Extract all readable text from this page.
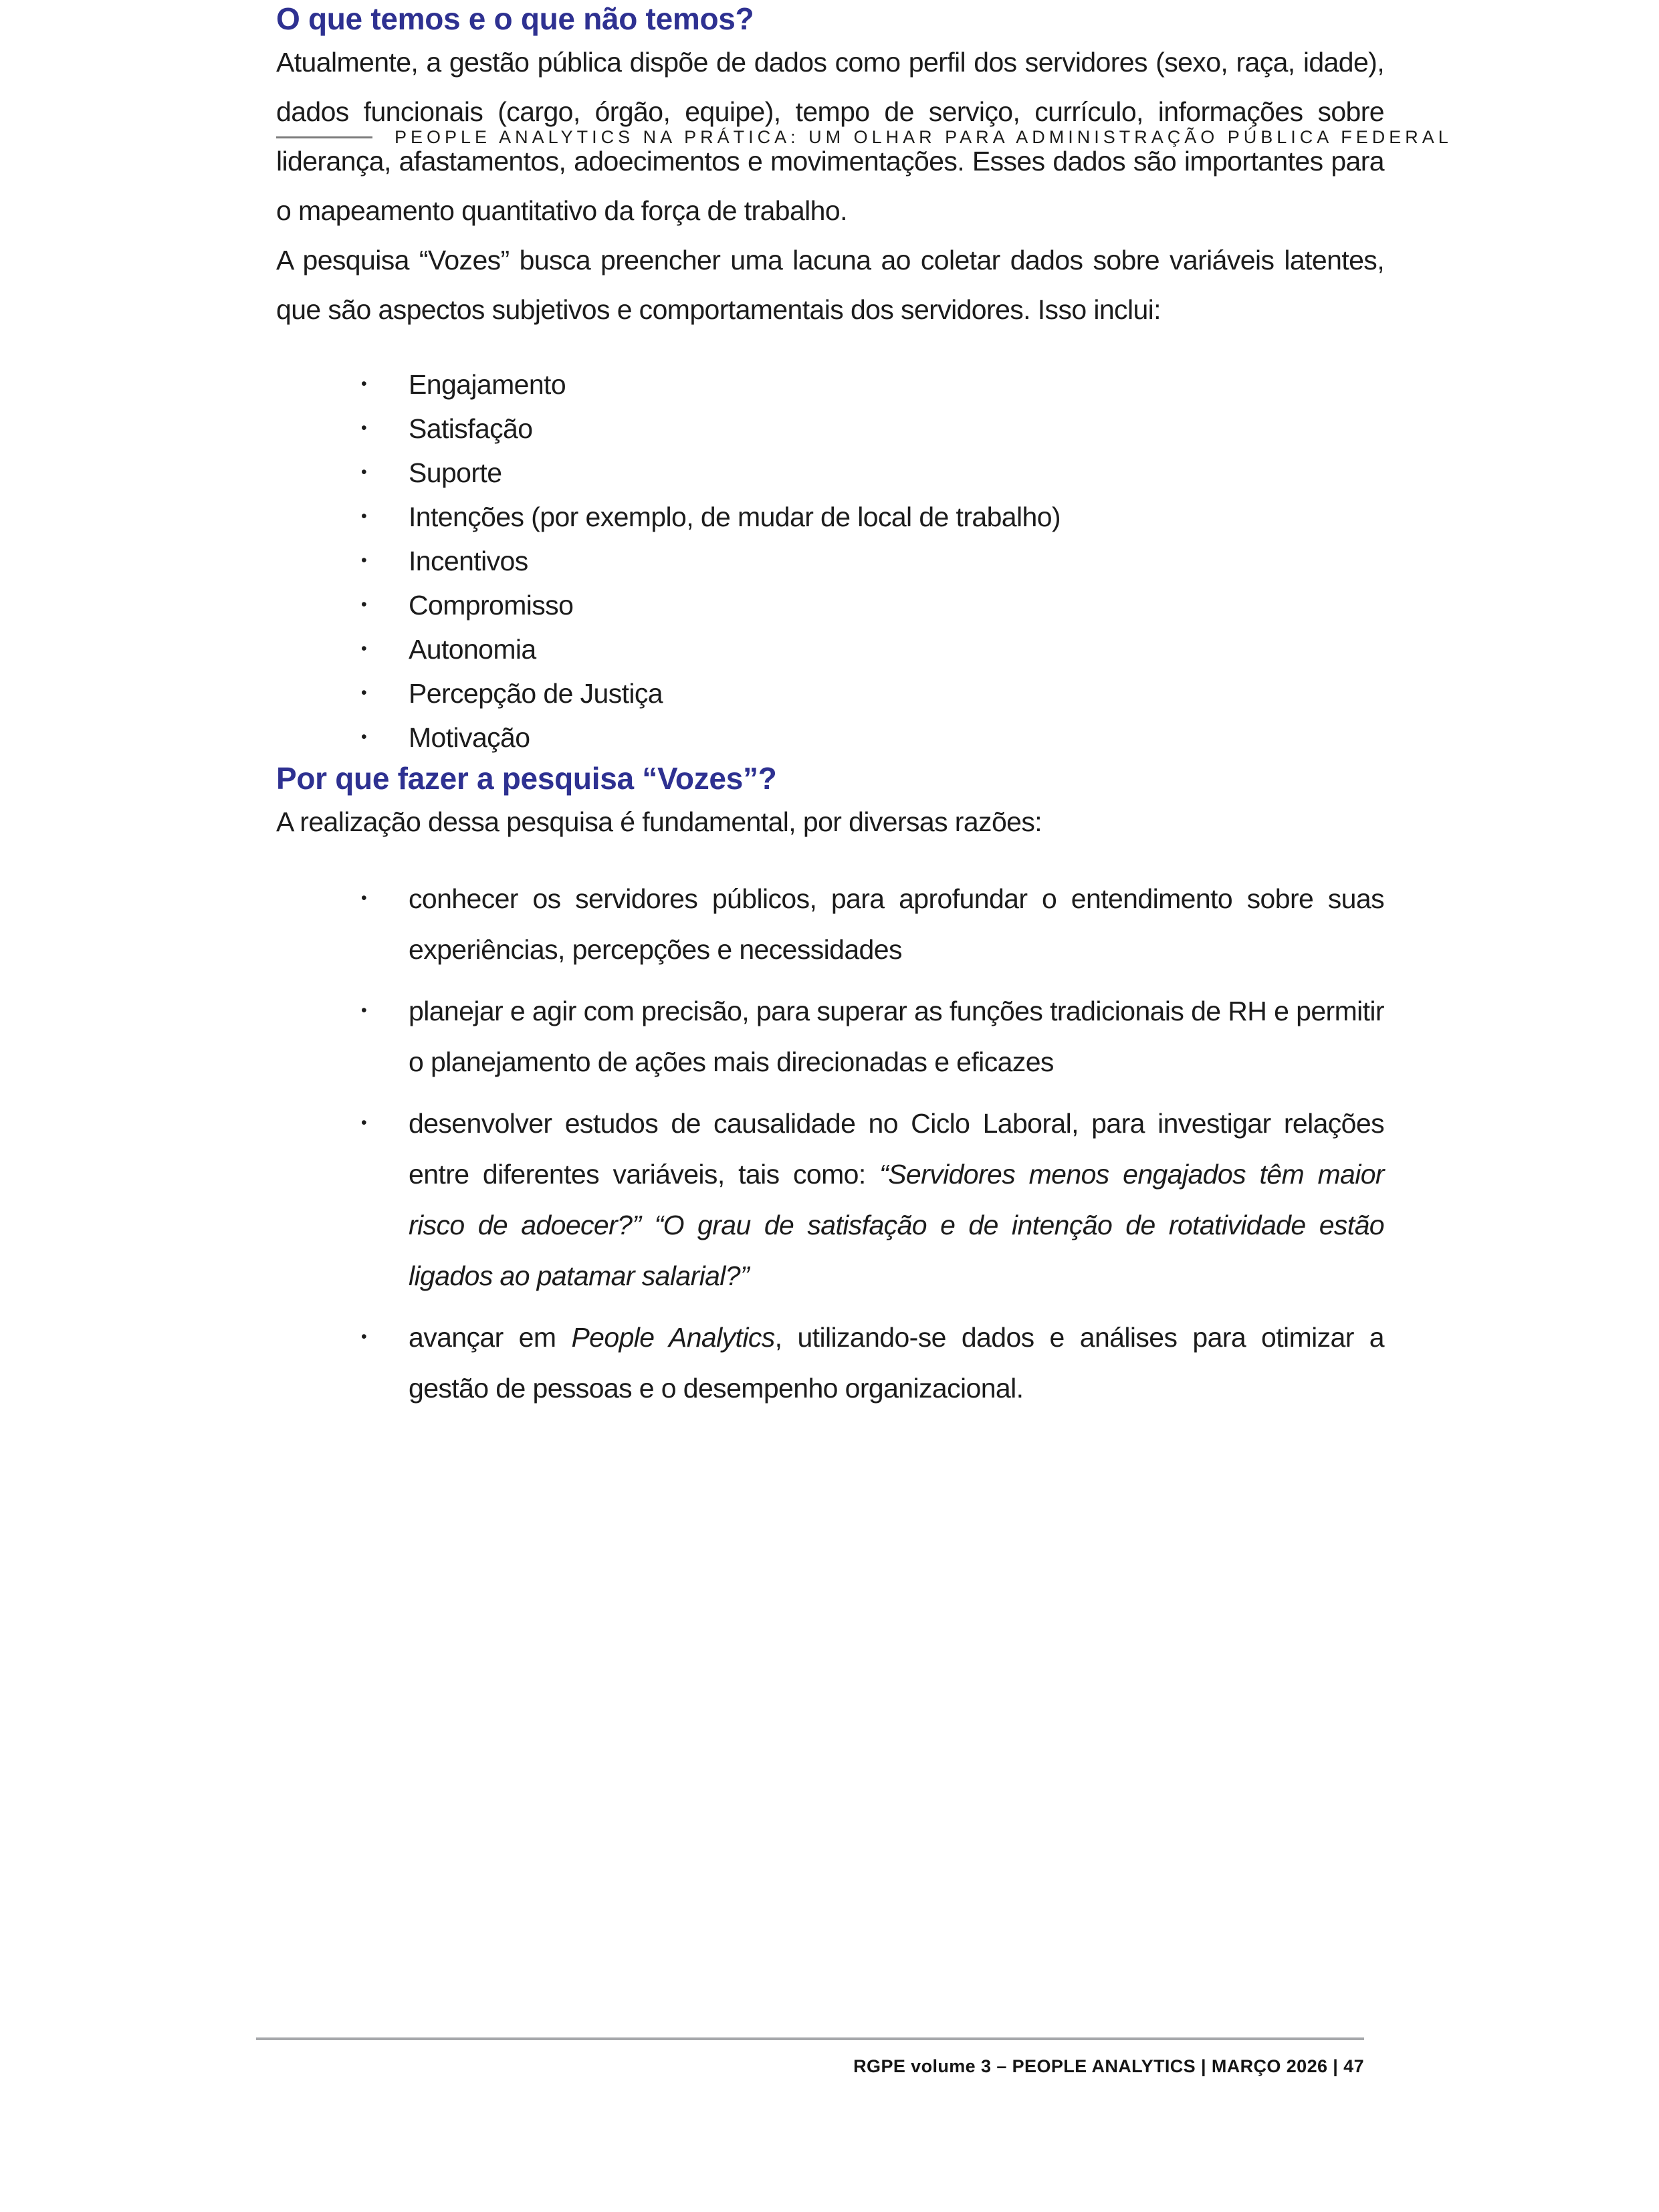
PEOPLE ANALYTICS NA PRÁTICA: UM OLHAR PARA ADMINISTRAÇÃO PÚBLICA FEDERAL
O que temos e o que não temos?

Atualmente, a gestão pública dispõe de dados como perfil dos servidores (sexo, raça, idade), dados funcionais (cargo, órgão, equipe), tempo de serviço, currículo, informações sobre liderança, afastamentos, adoecimentos e movimentações. Esses dados são importantes para o mapeamento quantitativo da força de trabalho.

A pesquisa “Vozes” busca preencher uma lacuna ao coletar dados sobre variáveis latentes, que são aspectos subjetivos e comportamentais dos servidores. Isso inclui:

• Engajamento
• Satisfação
• Suporte
• Intenções (por exemplo, de mudar de local de trabalho)
• Incentivos
• Compromisso
• Autonomia
• Percepção de Justiça
• Motivação
Por que fazer a pesquisa “Vozes”?

A realização dessa pesquisa é fundamental, por diversas razões:

• conhecer os servidores públicos, para aprofundar o entendimento sobre suas experiências, percepções e necessidades
• planejar e agir com precisão, para superar as funções tradicionais de RH e permitir o planejamento de ações mais direcionadas e eficazes
• desenvolver estudos de causalidade no Ciclo Laboral, para investigar relações entre diferentes variáveis, tais como: “Servidores menos engajados têm maior risco de adoecer?” “O grau de satisfação e de intenção de rotatividade estão ligados ao patamar salarial?”
• avançar em People Analytics, utilizando-se dados e análises para otimizar a gestão de pessoas e o desempenho organizacional.
RGPE volume 3 – PEOPLE ANALYTICS | MARÇO 2026 | 47
